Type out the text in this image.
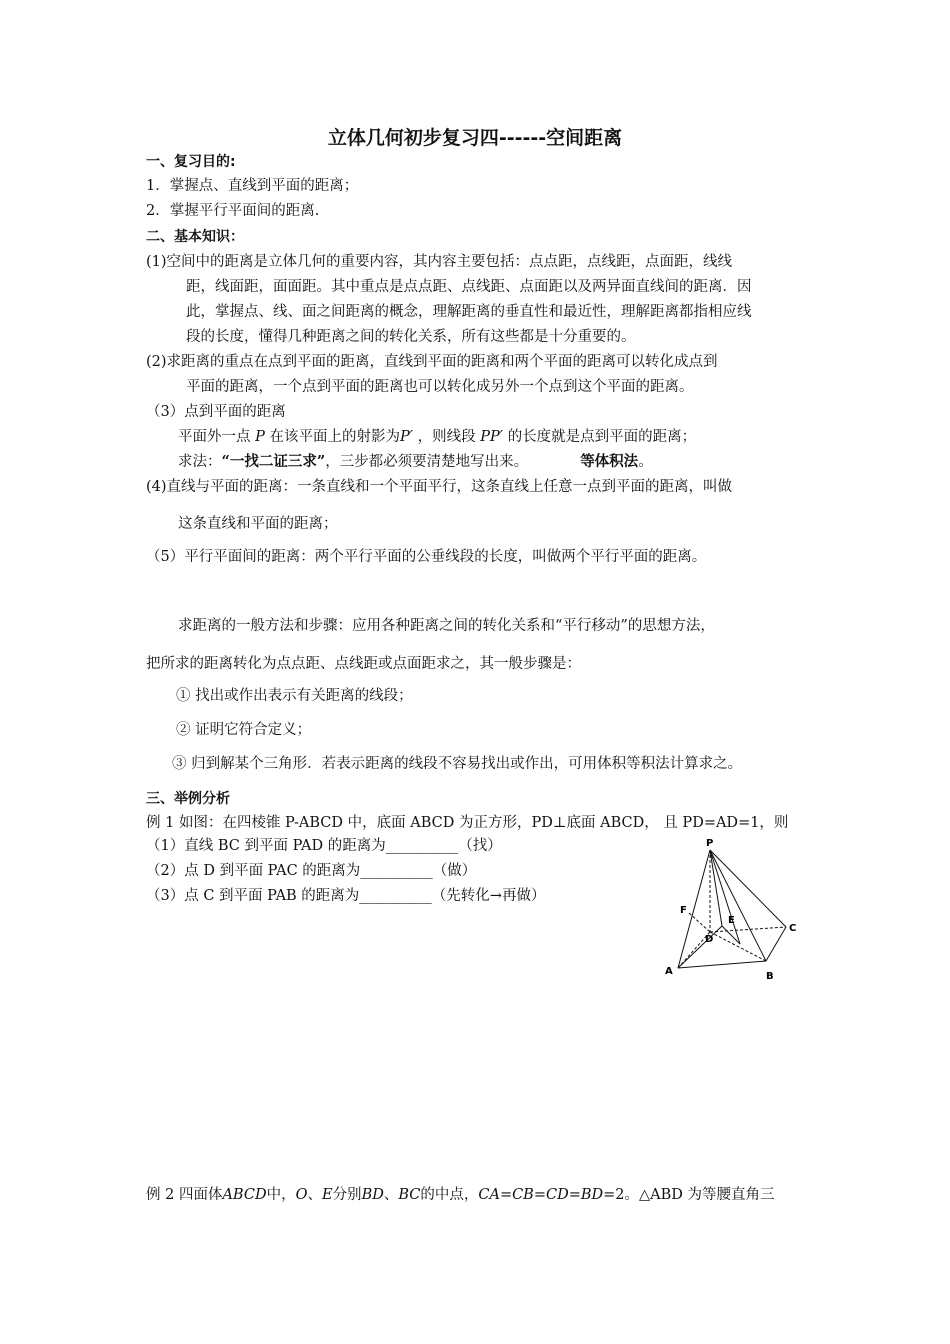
立体几何初步复习四------空间距离
一、复习目的:
1．掌握点、直线到平面的距离；
2．掌握平行平面间的距离.
二、基本知识：
(1)空间中的距离是立体几何的重要内容，其内容主要包括：点点距，点线距，点面距，线线
距，线面距，面面距。其中重点是点点距、点线距、点面距以及两异面直线间的距离．因
此，掌握点、线、面之间距离的概念，理解距离的垂直性和最近性，理解距离都指相应线
段的长度，懂得几种距离之间的转化关系，所有这些都是十分重要的。
(2)求距离的重点在点到平面的距离，直线到平面的距离和两个平面的距离可以转化成点到
平面的距离，一个点到平面的距离也可以转化成另外一个点到这个平面的距离。
（3）点到平面的距离
平面外一点 P 在该平面上的射影为P′ ，则线段 PP′ 的长度就是点到平面的距离；
求法：“一找二证三求”，三步都必须要清楚地写出来。	等体积法。
(4)直线与平面的距离：一条直线和一个平面平行，这条直线上任意一点到平面的距离，叫做
这条直线和平面的距离；
（5）平行平面间的距离：两个平行平面的公垂线段的长度，叫做两个平行平面的距离。
求距离的一般方法和步骤：应用各种距离之间的转化关系和“平行移动”的思想方法，
把所求的距离转化为点点距、点线距或点面距求之，其一般步骤是：
① 找出或作出表示有关距离的线段；
② 证明它符合定义；
③ 归到解某个三角形．若表示距离的线段不容易找出或作出，可用体积等积法计算求之。
三、举例分析
例 1 如图：在四棱锥 P-ABCD 中，底面 ABCD 为正方形，PD⊥底面 ABCD， 且 PD=AD=1，则
（1）直线 BC 到平面 PAD 的距离为__________（找）
（2）点 D 到平面 PAC 的距离为__________（做）
（3）点 C 到平面 PAB 的距离为__________（先转化→再做）
P
F
E
D
C
A	B
例 2 四面体ABCD中，O、E分别BD、BC的中点，CA=CB=CD=BD=2。△ABD 为等腰直角三
